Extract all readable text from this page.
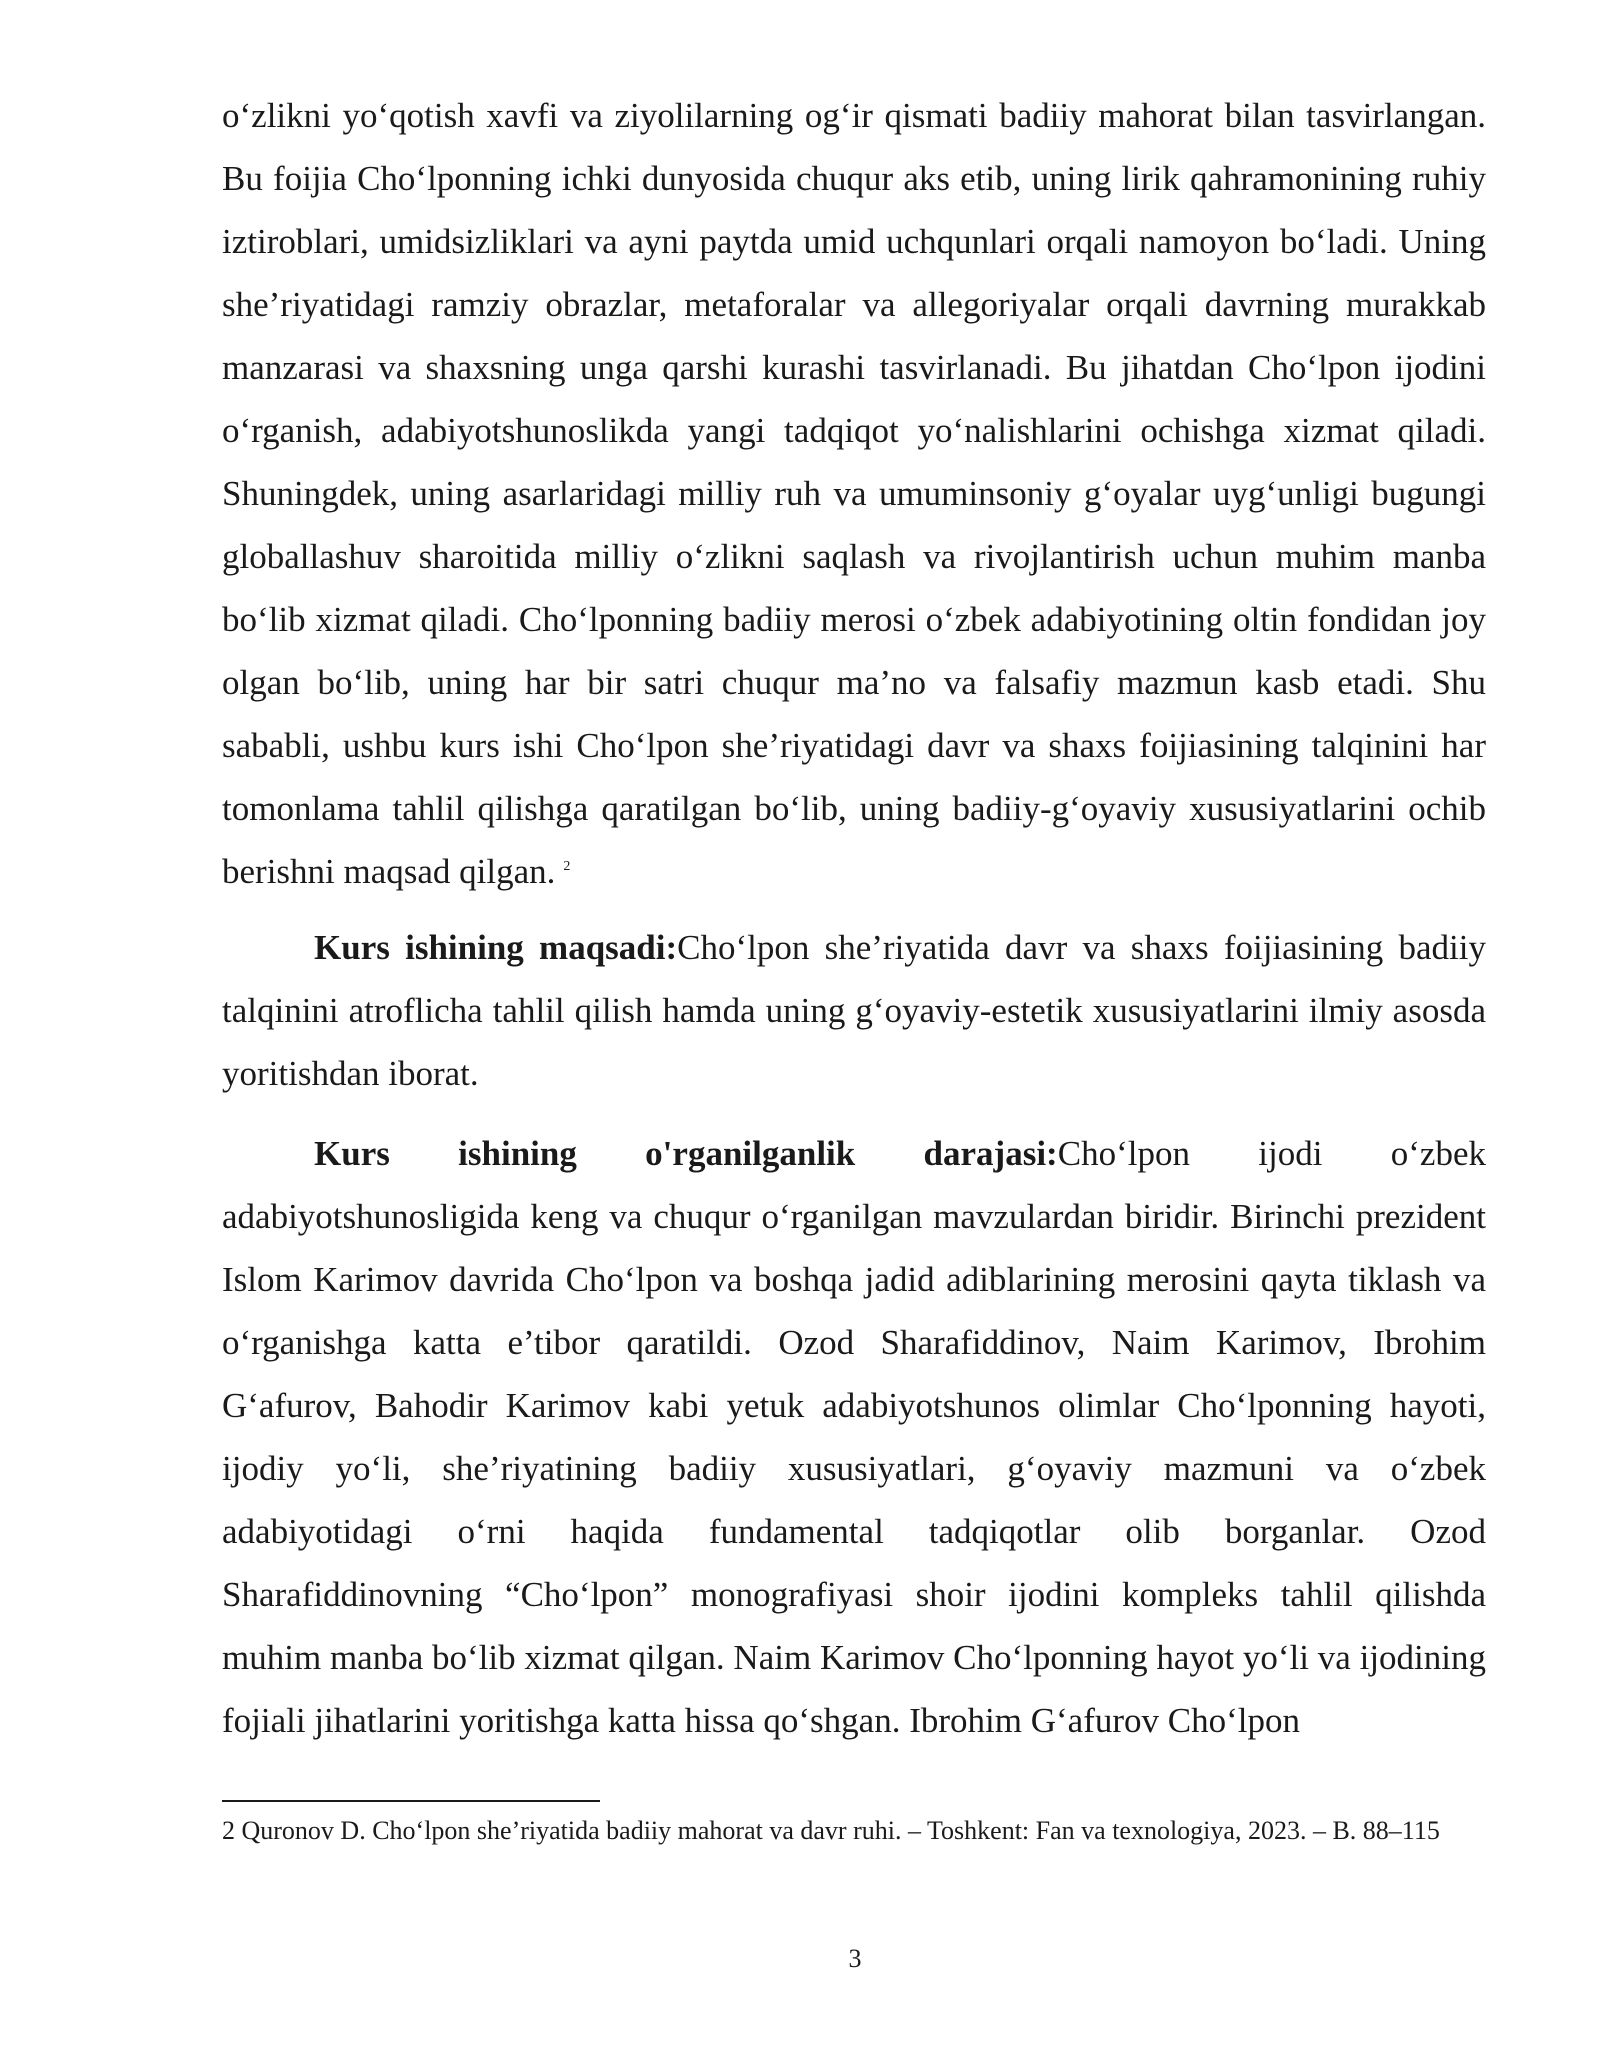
o‘zlikni yo‘qotish xavfi va ziyolilarning og‘ir qismati badiiy mahorat bilan tasvirlangan. Bu foijia Cho‘lponning ichki dunyosida chuqur aks etib, uning lirik qahramonining ruhiy iztiroblari, umidsizliklari va ayni paytda umid uchqunlari orqali namoyon bo‘ladi. Uning she’riyatidagi ramziy obrazlar, metaforalar va allegoriyalar orqali davrning murakkab manzarasi va shaxsning unga qarshi kurashi tasvirlanadi. Bu jihatdan Cho‘lpon ijodini o‘rganish, adabiyotshunoslikda yangi tadqiqot yo‘nalishlarini ochishga xizmat qiladi. Shuningdek, uning asarlaridagi milliy ruh va umuminsoniy g‘oyalar uyg‘unligi bugungi globallashuv sharoitida milliy o‘zlikni saqlash va rivojlantirish uchun muhim manba bo‘lib xizmat qiladi. Cho‘lponning badiiy merosi o‘zbek adabiyotining oltin fondidan joy olgan bo‘lib, uning har bir satri chuqur ma’no va falsafiy mazmun kasb etadi. Shu sababli, ushbu kurs ishi Cho‘lpon she’riyatidagi davr va shaxs foijiasining talqinini har tomonlama tahlil qilishga qaratilgan bo‘lib, uning badiiy-g‘oyaviy xususiyatlarini ochib berishni maqsad qilgan. $^2$

Kurs ishining maqsadi:Cho‘lpon she’riyatida davr va shaxs foijiasining badiiy talqinini atroflicha tahlil qilish hamda uning g‘oyaviy-estetik xususiyatlarini ilmiy asosda yoritishdan iborat.

Kurs ishining o'rganilganlik darajasi:Cho‘lpon ijodi o‘zbek adabiyotshunosligida keng va chuqur o‘rganilgan mavzulardan biridir. Birinchi prezident Islom Karimov davrida Cho‘lpon va boshqa jadid adiblarining merosini qayta tiklash va o‘rganishga katta e’tibor qaratildi. Ozod Sharafiddinov, Naim Karimov, Ibrohim G‘afurov, Bahodir Karimov kabi yetuk adabiyotshunos olimlar Cho‘lponning hayoti, ijodiy yo‘li, she’riyatining badiiy xususiyatlari, g‘oyaviy mazmuni va o‘zbek adabiyotidagi o‘rni haqida fundamental tadqiqotlar olib borganlar. Ozod Sharafiddinovning “Cho‘lpon” monografiyasi shoir ijodini kompleks tahlil qilishda muhim manba bo‘lib xizmat qilgan. Naim Karimov Cho‘lponning hayot yo‘li va ijodining fojiali jihatlarini yoritishga katta hissa qo‘shgan. Ibrohim G‘afurov Cho‘lpon

2 Quronov D. Cho‘lpon she’riyatida badiiy mahorat va davr ruhi. – Toshkent: Fan va texnologiya, 2023. – B. 88–115

3
